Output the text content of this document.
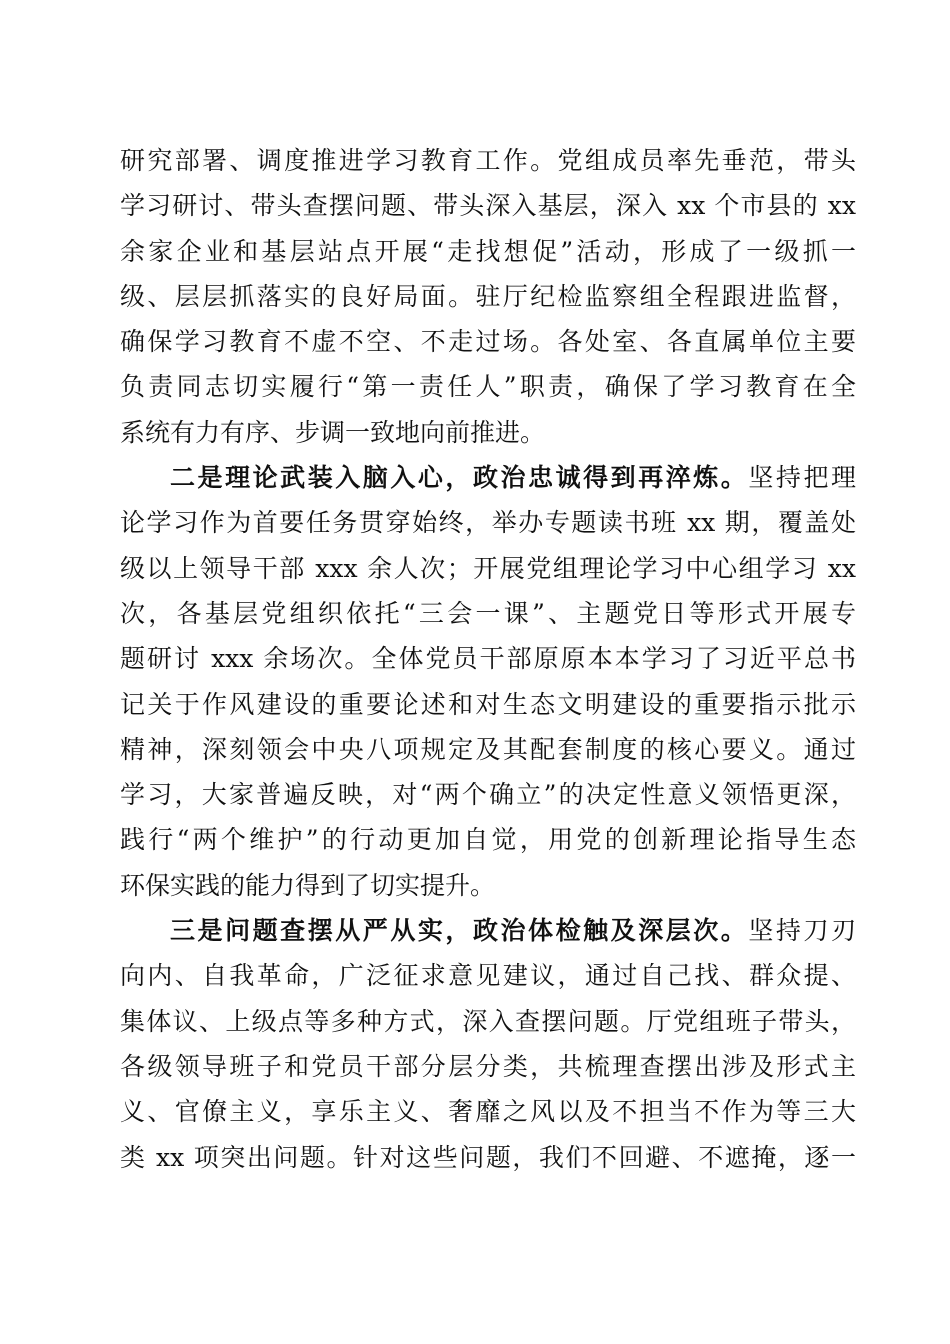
研究部署、调度推进学习教育工作。党组成员率先垂范，带头
学习研讨、带头查摆问题、带头深入基层，深入 xx 个市县的 xx
余家企业和基层站点开展“走找想促”活动，形成了一级抓一
级、层层抓落实的良好局面。驻厅纪检监察组全程跟进监督，
确保学习教育不虚不空、不走过场。各处室、各直属单位主要
负责同志切实履行“第一责任人”职责，确保了学习教育在全
系统有力有序、步调一致地向前推进。
二是理论武装入脑入心，政治忠诚得到再淬炼。坚持把理
论学习作为首要任务贯穿始终，举办专题读书班 xx 期，覆盖处
级以上领导干部 xxx 余人次；开展党组理论学习中心组学习 xx
次，各基层党组织依托“三会一课”、主题党日等形式开展专
题研讨 xxx 余场次。全体党员干部原原本本学习了习近平总书
记关于作风建设的重要论述和对生态文明建设的重要指示批示
精神，深刻领会中央八项规定及其配套制度的核心要义。通过
学习，大家普遍反映，对“两个确立”的决定性意义领悟更深，
践行“两个维护”的行动更加自觉，用党的创新理论指导生态
环保实践的能力得到了切实提升。
三是问题查摆从严从实，政治体检触及深层次。坚持刀刃
向内、自我革命，广泛征求意见建议，通过自己找、群众提、
集体议、上级点等多种方式，深入查摆问题。厅党组班子带头，
各级领导班子和党员干部分层分类，共梳理查摆出涉及形式主
义、官僚主义，享乐主义、奢靡之风以及不担当不作为等三大
类 xx 项突出问题。针对这些问题，我们不回避、不遮掩，逐一
